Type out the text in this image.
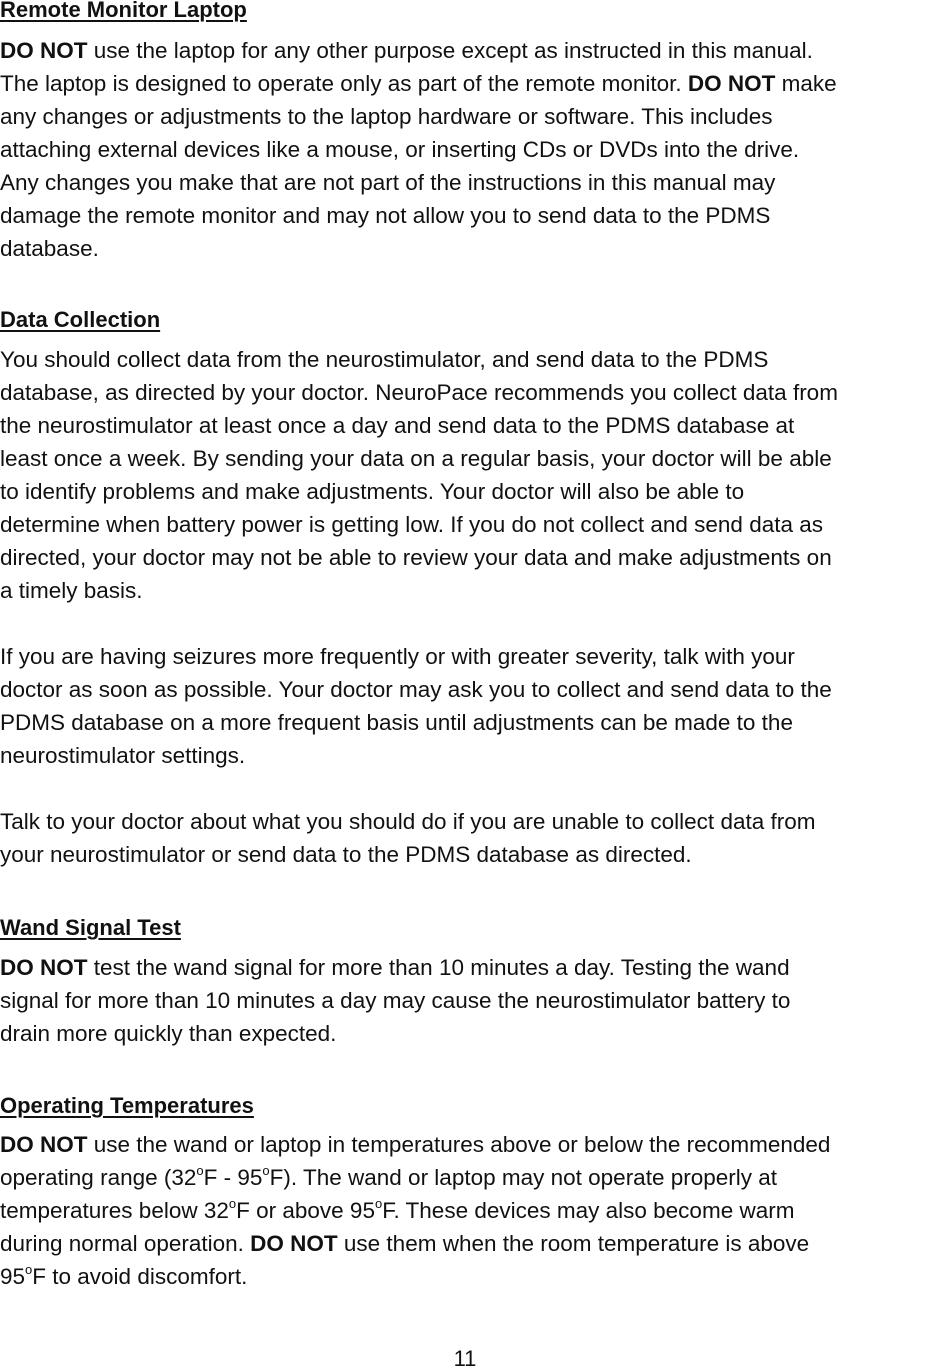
Remote Monitor Laptop
DO NOT use the laptop for any other purpose except as instructed in this manual.
The laptop is designed to operate only as part of the remote monitor. DO NOT make
any changes or adjustments to the laptop hardware or software. This includes
attaching external devices like a mouse, or inserting CDs or DVDs into the drive.
Any changes you make that are not part of the instructions in this manual may
damage the remote monitor and may not allow you to send data to the PDMS
database.
Data Collection
You should collect data from the neurostimulator, and send data to the PDMS
database, as directed by your doctor. NeuroPace recommends you collect data from
the neurostimulator at least once a day and send data to the PDMS database at
least once a week. By sending your data on a regular basis, your doctor will be able
to identify problems and make adjustments. Your doctor will also be able to
determine when battery power is getting low. If you do not collect and send data as
directed, your doctor may not be able to review your data and make adjustments on
a timely basis.
If you are having seizures more frequently or with greater severity, talk with your
doctor as soon as possible. Your doctor may ask you to collect and send data to the
PDMS database on a more frequent basis until adjustments can be made to the
neurostimulator settings.
Talk to your doctor about what you should do if you are unable to collect data from
your neurostimulator or send data to the PDMS database as directed.
Wand Signal Test
DO NOT test the wand signal for more than 10 minutes a day. Testing the wand
signal for more than 10 minutes a day may cause the neurostimulator battery to
drain more quickly than expected.
Operating Temperatures
DO NOT use the wand or laptop in temperatures above or below the recommended
operating range (32$^o$F - 95$^o$F). The wand or laptop may not operate properly at
temperatures below 32$^o$F or above 95$^o$F. These devices may also become warm
during normal operation. DO NOT use them when the room temperature is above
95$^o$F to avoid discomfort.

11
